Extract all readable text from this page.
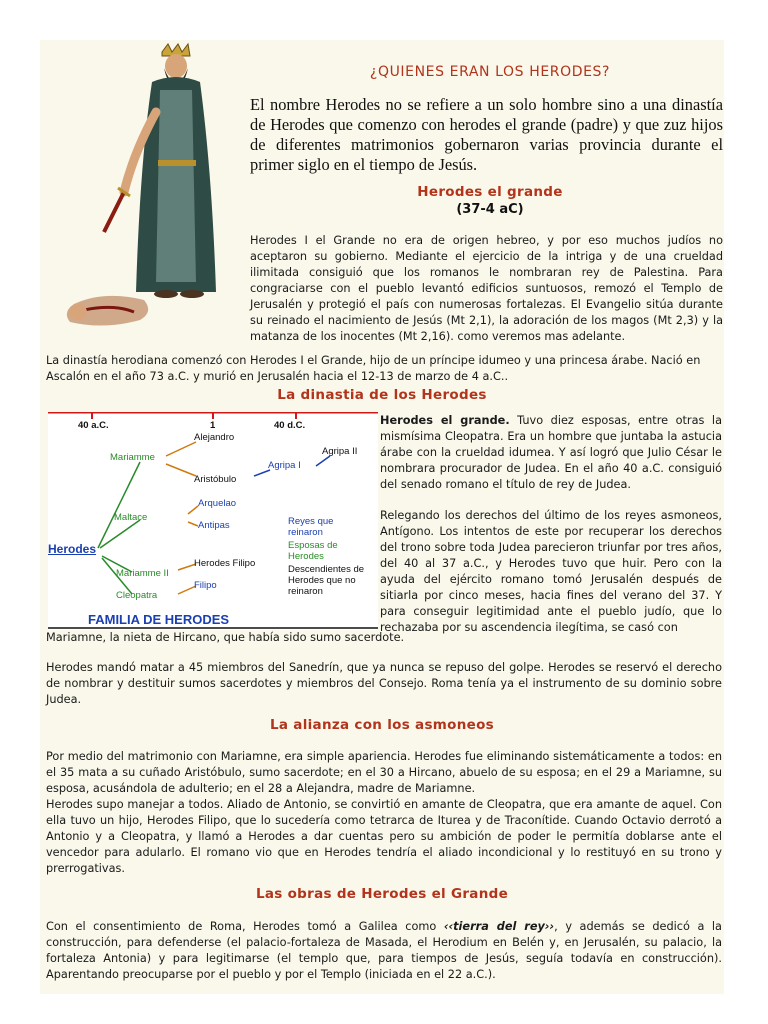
¿QUIENES ERAN LOS HERODES?
El nombre Herodes no se refiere a un solo hombre sino a una dinastía de Herodes que comenzo con herodes el grande (padre) y que zuz hijos de diferentes matrimonios gobernaron varias provincia durante el primer siglo en el tiempo de Jesús.
Herodes el grande
(37-4 aC)
Herodes I el Grande no era de origen hebreo, y por eso muchos judíos no aceptaron su gobierno. Mediante el ejercicio de la intriga y de una crueldad ilimitada consiguió que los romanos le nombraran rey de Palestina. Para congraciarse con el pueblo levantó edificios suntuosos, remozó el Templo de Jerusalén y protegió el país con numerosas fortalezas. El Evangelio sitúa durante su reinado el nacimiento de Jesús (Mt 2,1), la adoración de los magos (Mt 2,3) y la matanza de los inocentes (Mt 2,16). como veremos mas adelante.
La dinastía herodiana comenzó con Herodes I el Grande, hijo de un príncipe idumeo y una princesa árabe. Nació en Ascalón en el año 73 a.C. y murió en Jerusalén hacia el 12-13 de marzo de 4 a.C..
La dinastia de los Herodes
40 a.C.	1	40 d.C.
Herodes
Mariamme
Maltace
Mariamme II
Cleopatra
Alejandro
Aristóbulo
Arquelao
Antipas
Herodes Filipo
Filipo
Agripa I
Agripa II
Reyes que reinaron
Esposas de Herodes
Descendientes de Herodes que no reinaron
FAMILIA DE HERODES
Herodes el grande. Tuvo diez esposas, entre otras la mismísima Cleopatra. Era un hombre que juntaba la astucia árabe con la crueldad idumea. Y así logró que Julio César le nombrara procurador de Judea. En el año 40 a.C. consiguió del senado romano el título de rey de Judea.
Relegando los derechos del último de los reyes asmoneos, Antígono. Los intentos de este por recuperar los derechos del trono sobre toda Judea parecieron triunfar por tres años, del 40 al 37 a.C., y Herodes tuvo que huir. Pero con la ayuda del ejército romano tomó Jerusalén después de sitiarla por cinco meses, hacia fines del verano del 37. Y para conseguir legitimidad ante el pueblo judío, que lo rechazaba por su ascendencia ilegítima, se casó con
Mariamne, la nieta de Hircano, que había sido sumo sacerdote.
Herodes mandó matar a 45 miembros del Sanedrín, que ya nunca se repuso del golpe. Herodes se reservó el derecho de nombrar y destituir sumos sacerdotes y miembros del Consejo. Roma tenía ya el instrumento de su dominio sobre Judea.
La alianza con los asmoneos
Por medio del matrimonio con Mariamne, era simple apariencia. Herodes fue eliminando sistemáticamente a todos: en el 35 mata a su cuñado Aristóbulo, sumo sacerdote; en el 30 a Hircano, abuelo de su esposa; en el 29 a Mariamne, su esposa, acusándola de adulterio; en el 28 a Alejandra, madre de Mariamne.
Herodes supo manejar a todos. Aliado de Antonio, se convirtió en amante de Cleopatra, que era amante de aquel. Con ella tuvo un hijo, Herodes Filipo, que lo sucedería como tetrarca de Iturea y de Traconítide. Cuando Octavio derrotó a Antonio y a Cleopatra, y llamó a Herodes a dar cuentas pero su ambición de poder le permitía doblarse ante el vencedor para adularlo. El romano vio que en Herodes tendría el aliado incondicional y lo restituyó en su trono y prerrogativas.
Las obras de Herodes el Grande
Con el consentimiento de Roma, Herodes tomó a Galilea como ‹‹tierra del rey››, y además se dedicó a la construcción, para defenderse (el palacio-fortaleza de Masada, el Herodium en Belén y, en Jerusalén, su palacio, la fortaleza Antonia) y para legitimarse (el templo que, para tiempos de Jesús, seguía todavía en construcción). Aparentando preocuparse por el pueblo y por el Templo (iniciada en el 22 a.C.).
